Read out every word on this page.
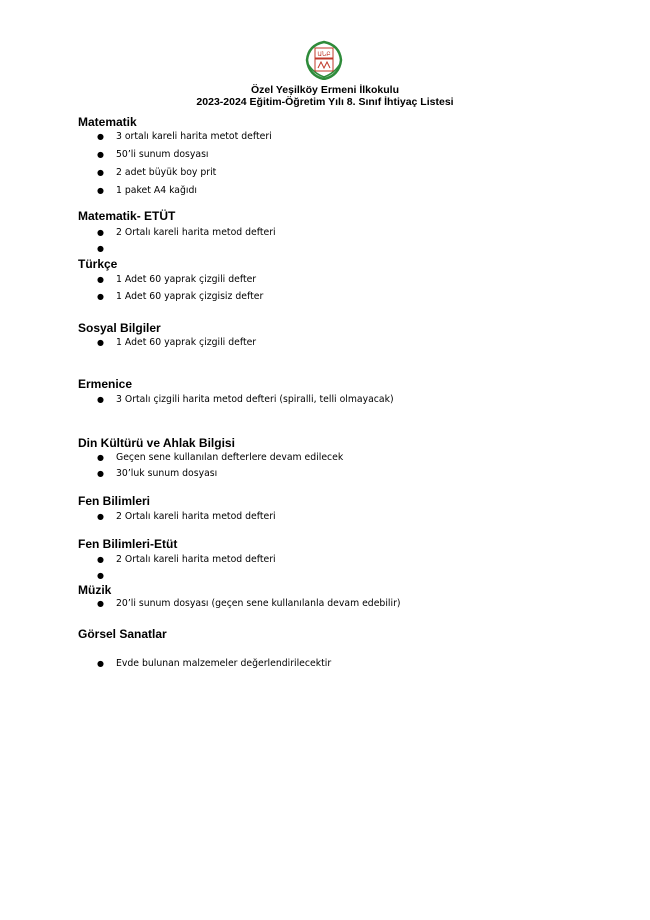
ԱՆԲ
Özel Yeşilköy Ermeni İlkokulu
2023-2024 Eğitim-Öğretim Yılı 8. Sınıf İhtiyaç Listesi
Matematik
● 3 ortalı kareli harita metot defteri
● 50’li sunum dosyası
● 2 adet büyük boy prit
● 1 paket A4 kağıdı
Matematik- ETÜT
● 2 Ortalı kareli harita metod defteri
●
Türkçe
● 1 Adet 60 yaprak çizgili defter
● 1 Adet 60 yaprak çizgisiz defter
Sosyal Bilgiler
● 1 Adet 60 yaprak çizgili defter
Ermenice
● 3 Ortalı çizgili harita metod defteri (spiralli, telli olmayacak)
Din Kültürü ve Ahlak Bilgisi
● Geçen sene kullanılan defterlere devam edilecek
● 30’luk sunum dosyası
Fen Bilimleri
● 2 Ortalı kareli harita metod defteri
Fen Bilimleri-Etüt
● 2 Ortalı kareli harita metod defteri
●
Müzik
● 20’li sunum dosyası (geçen sene kullanılanla devam edebilir)
Görsel Sanatlar
● Evde bulunan malzemeler değerlendirilecektir
